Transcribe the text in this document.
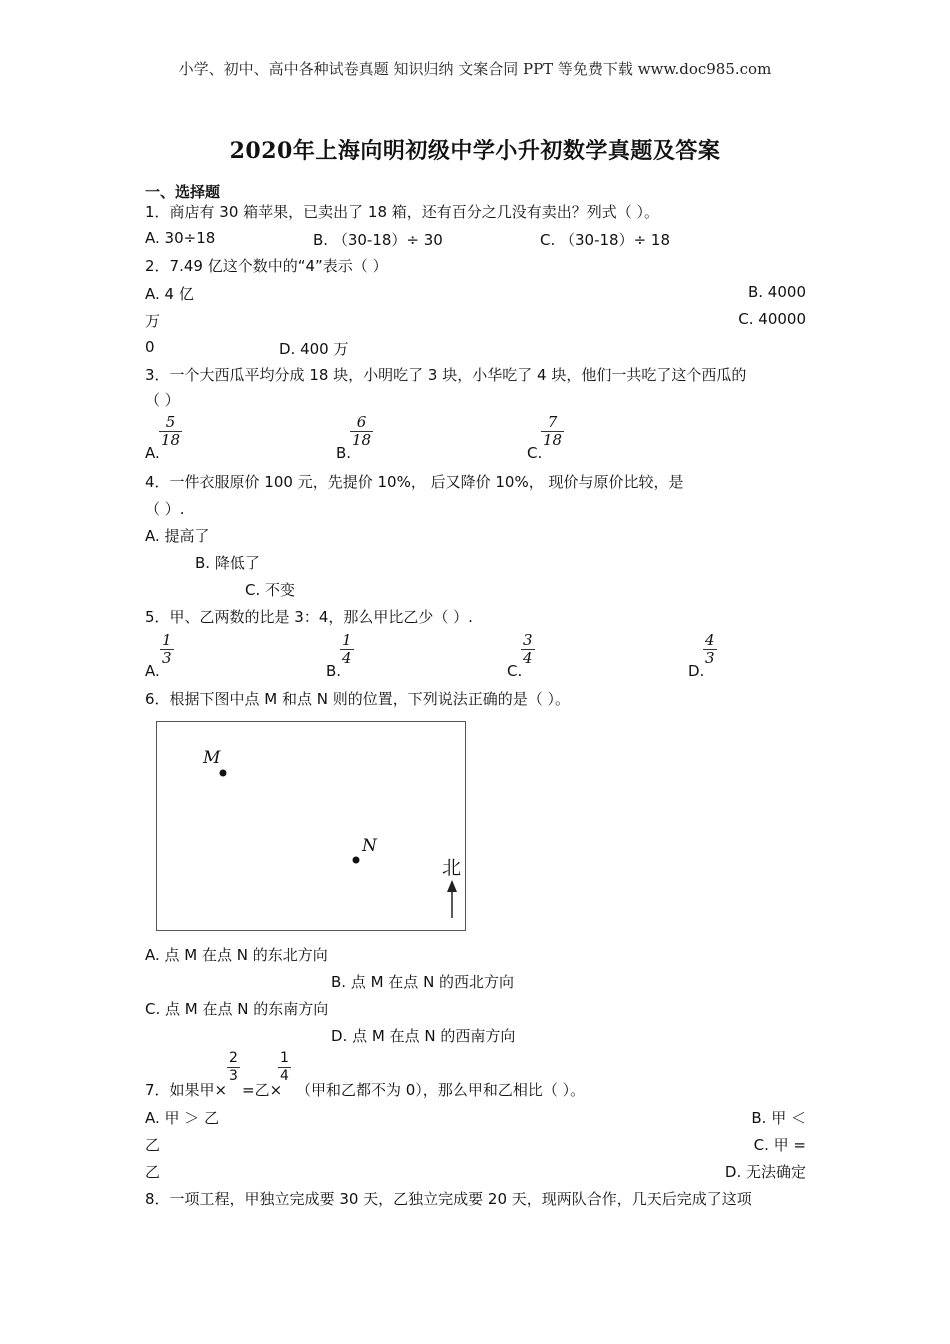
小学、初中、高中各种试卷真题 知识归纳 文案合同 PPT 等免费下载 www.doc985.com
2020年上海向明初级中学小升初数学真题及答案
一、选择题
1．商店有 30 箱苹果，已卖出了 18 箱，还有百分之几没有卖出？列式（ ）。
A. 30÷18	B. （30-18）÷ 30	C. （30-18）÷ 18
2．7.49 亿这个数中的“4”表示（ ）
A. 4 亿	B. 4000
万	C. 40000
0	D. 400 万
3．一个大西瓜平均分成 18 块，小明吃了 3 块，小华吃了 4 块，他们一共吃了这个西瓜的
（ ）
A.
$\frac{5}{18}$
B.
$\frac{6}{18}$
C.
$\frac{7}{18}$
4．一件衣服原价 100 元，先提价 10%， 后又降价 10%， 现价与原价比较，是
（ ）.
A. 提高了
B. 降低了
C. 不变
5．甲、乙两数的比是 3：4，那么甲比乙少（ ）.
A.
$\frac{1}{3}$
B.
$\frac{1}{4}$
C.
$\frac{3}{4}$
D.
$\frac{4}{3}$
6．根据下图中点 M 和点 N 则的位置，下列说法正确的是（ ）。
M
N
北
A. 点 M 在点 N 的东北方向
B. 点 M 在点 N 的西北方向
C. 点 M 在点 N 的东南方向
D. 点 M 在点 N 的西南方向
7．如果甲×
$\frac{2}{3}$
=乙×
$\frac{1}{4}$
（甲和乙都不为 0），那么甲和乙相比（ ）。
A. 甲 ＞ 乙	B. 甲 ＜
乙	C. 甲 =
乙	D. 无法确定
8．一项工程，甲独立完成要 30 天，乙独立完成要 20 天，现两队合作，几天后完成了这项
